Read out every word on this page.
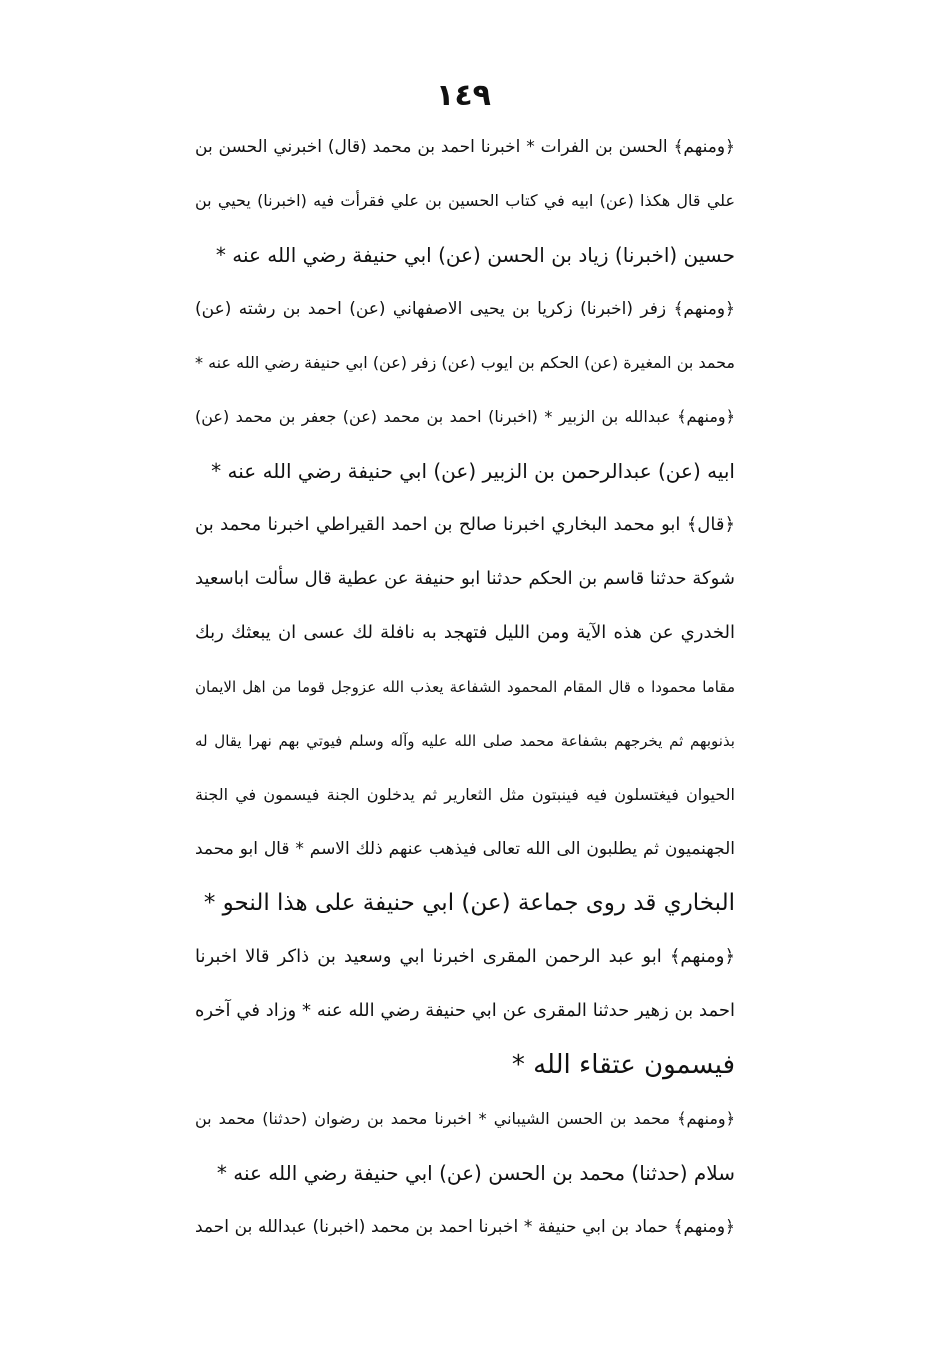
١٤٩
﴿ومنهم﴾ الحسن بن الفرات * اخبرنا احمد بن محمد (قال) اخبرني الحسن بن
علي قال هكذا (عن) ابيه في كتاب الحسين بن علي فقرأت فيه (اخبرنا) يحيي بن
حسين (اخبرنا) زياد بن الحسن (عن) ابي حنيفة رضي الله عنه *
﴿ومنهم﴾ زفر (اخبرنا) زكريا بن يحيى الاصفهاني (عن) احمد بن رشته (عن)
محمد بن المغيرة (عن) الحكم بن ايوب (عن) زفر (عن) ابي حنيفة رضي الله عنه *
﴿ومنهم﴾ عبدالله بن الزبير * (اخبرنا) احمد بن محمد (عن) جعفر بن محمد (عن)
ابيه (عن) عبدالرحمن بن الزبير (عن) ابي حنيفة رضي الله عنه *
﴿قال﴾ ابو محمد البخاري اخبرنا صالح بن احمد القيراطي اخبرنا محمد بن
شوكة حدثنا قاسم بن الحكم حدثنا ابو حنيفة عن عطية قال سألت اباسعيد
الخدري عن هذه الآية ومن الليل فتهجد به نافلة لك عسى ان يبعثك ربك
مقاما محمودا ه قال المقام المحمود الشفاعة يعذب الله عزوجل قوما من اهل الايمان
بذنوبهم ثم يخرجهم بشفاعة محمد صلى الله عليه وآله وسلم فيوتي بهم نهرا يقال له
الحيوان فيغتسلون فيه فينبتون مثل الثعارير ثم يدخلون الجنة فيسمون في الجنة
الجهنميون ثم يطلبون الى الله تعالى فيذهب عنهم ذلك الاسم * قال ابو محمد
البخاري قد روى جماعة (عن) ابي حنيفة على هذا النحو *
﴿ومنهم﴾ ابو عبد الرحمن المقرى اخبرنا ابي وسعيد بن ذاكر قالا اخبرنا
احمد بن زهير حدثنا المقرى عن ابي حنيفة رضي الله عنه * وزاد في آخره
فيسمون عتقاء الله *
﴿ومنهم﴾ محمد بن الحسن الشيباني * اخبرنا محمد بن رضوان (حدثنا) محمد بن
سلام (حدثنا) محمد بن الحسن (عن) ابي حنيفة رضي الله عنه *
﴿ومنهم﴾ حماد بن ابي حنيفة * اخبرنا احمد بن محمد (اخبرنا) عبدالله بن احمد
